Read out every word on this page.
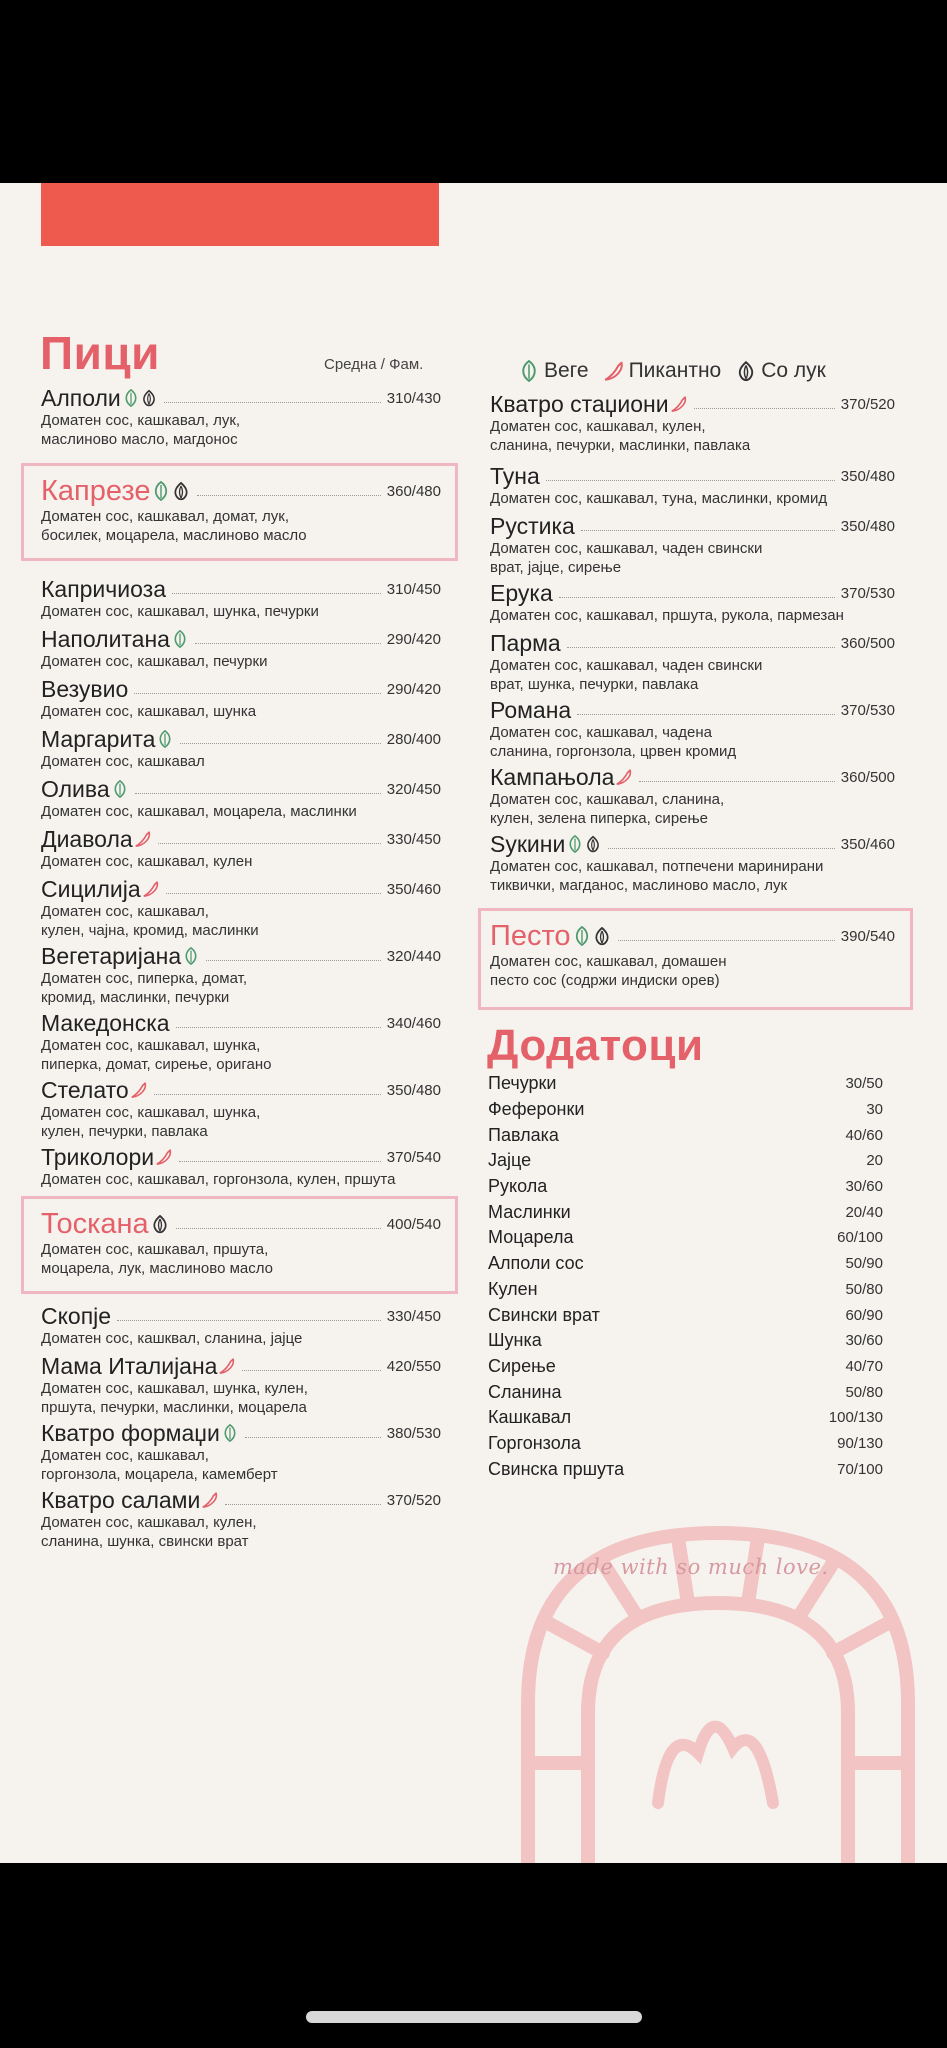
Пици	Средна / Фам.	Веге Пикантно Со лук
Алполи	310/430
Доматен сос, кашкавал, лук,
маслиново масло, магдонос
Капрезе	360/480
Доматен сос, кашкавал, домат, лук,
босилек, моцарела, маслиново масло
Капричиоза	310/450
Доматен сос, кашкавал, шунка, печурки
Наполитана	290/420
Доматен сос, кашкавал, печурки
Везувио	290/420
Доматен сос, кашкавал, шунка
Маргарита	280/400
Доматен сос, кашкавал
Олива	320/450
Доматен сос, кашкавал, моцарела, маслинки
Диавола	330/450
Доматен сос, кашкавал, кулен
Сицилија	350/460
Доматен сос, кашкавал,
кулен, чајна, кромид, маслинки
Вегетаријана	320/440
Доматен сос, пиперка, домат,
кромид, маслинки, печурки
Македонска	340/460
Доматен сос, кашкавал, шунка,
пиперка, домат, сирење, оригано
Стелато	350/480
Доматен сос, кашкавал, шунка,
кулен, печурки, павлака
Триколори	370/540
Доматен сос, кашкавал, горгонзола, кулен, пршута
Тоскана	400/540
Доматен сос, кашкавал, пршута,
моцарела, лук, маслиново масло
Скопје	330/450
Доматен сос, кашквал, сланина, јајце
Мама Италијана	420/550
Доматен сос, кашкавал, шунка, кулен,
пршута, печурки, маслинки, моцарела
Кватро формаџи	380/530
Доматен сос, кашкавал,
горгонзола, моцарела, камемберт
Кватро салами	370/520
Доматен сос, кашкавал, кулен,
сланина, шунка, свински врат
Кватро стаџиони	370/520
Доматен сос, кашкавал, кулен,
сланина, печурки, маслинки, павлака
Туна	350/480
Доматен сос, кашкавал, туна, маслинки, кромид
Рустика	350/480
Доматен сос, кашкавал, чаден свински
врат, јајце, сирење
Ерука	370/530
Доматен сос, кашкавал, пршута, рукола, пармезан
Парма	360/500
Доматен сос, кашкавал, чаден свински
врат, шунка, печурки, павлака
Романа	370/530
Доматен сос, кашкавал, чадена
сланина, горгонзола, црвен кромид
Кампањола	360/500
Доматен сос, кашкавал, сланина,
кулен, зелена пиперка, сирење
Sукини	350/460
Доматен сос, кашкавал, потпечени маринирани
тиквички, магданос, маслиново масло, лук
Песто	390/540
Доматен сос, кашкавал, домашен
песто сос (содржи индиски орев)
Додатоци
Печурки	30/50
Феферонки	30
Павлака	40/60
Јајце	20
Рукола	30/60
Маслинки	20/40
Моцарела	60/100
Алполи сос	50/90
Кулен	50/80
Свински врат	60/90
Шунка	30/60
Сирење	40/70
Сланина	50/80
Кашкавал	100/130
Горгонзола	90/130
Свинска пршута	70/100
made with so much love.
